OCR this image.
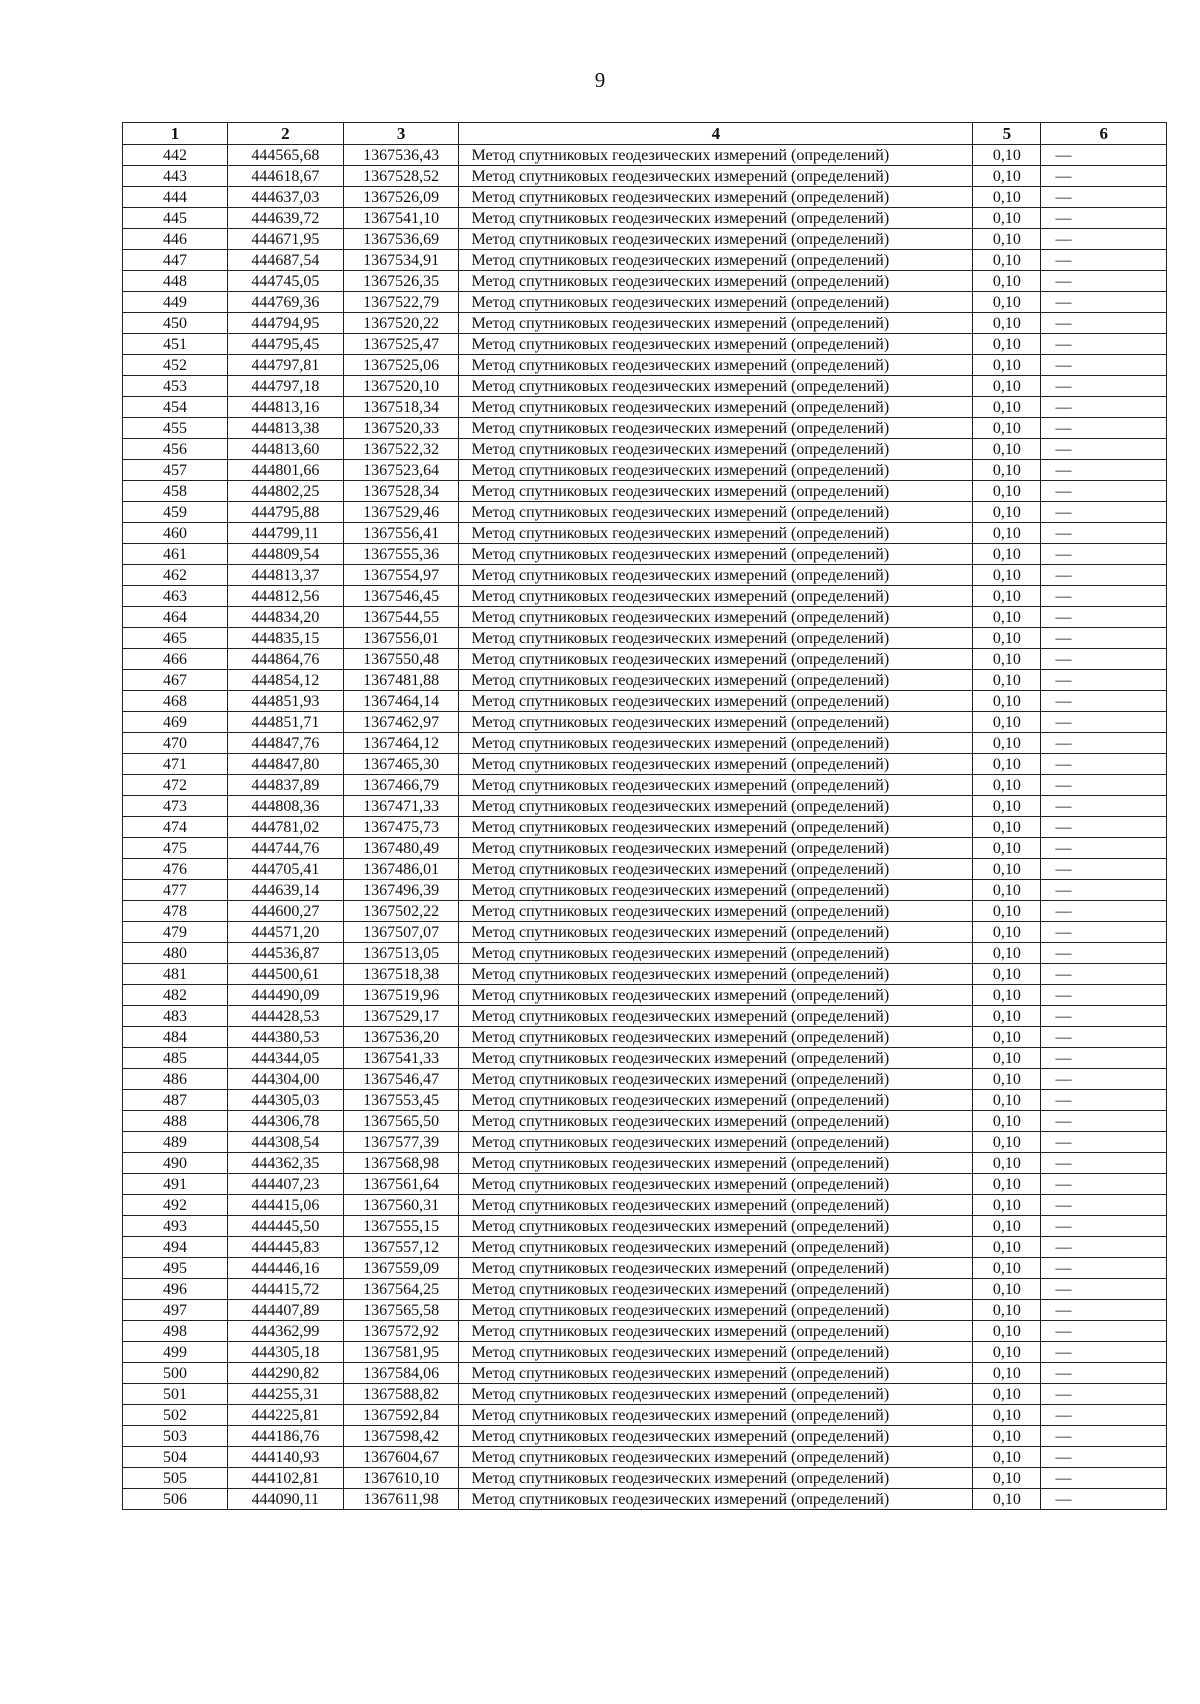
9
1	2	3	4	5	6
442	444565,68	1367536,43	Метод спутниковых геодезических измерений (определений)	0,10	—
443	444618,67	1367528,52	Метод спутниковых геодезических измерений (определений)	0,10	—
444	444637,03	1367526,09	Метод спутниковых геодезических измерений (определений)	0,10	—
445	444639,72	1367541,10	Метод спутниковых геодезических измерений (определений)	0,10	—
446	444671,95	1367536,69	Метод спутниковых геодезических измерений (определений)	0,10	—
447	444687,54	1367534,91	Метод спутниковых геодезических измерений (определений)	0,10	—
448	444745,05	1367526,35	Метод спутниковых геодезических измерений (определений)	0,10	—
449	444769,36	1367522,79	Метод спутниковых геодезических измерений (определений)	0,10	—
450	444794,95	1367520,22	Метод спутниковых геодезических измерений (определений)	0,10	—
451	444795,45	1367525,47	Метод спутниковых геодезических измерений (определений)	0,10	—
452	444797,81	1367525,06	Метод спутниковых геодезических измерений (определений)	0,10	—
453	444797,18	1367520,10	Метод спутниковых геодезических измерений (определений)	0,10	—
454	444813,16	1367518,34	Метод спутниковых геодезических измерений (определений)	0,10	—
455	444813,38	1367520,33	Метод спутниковых геодезических измерений (определений)	0,10	—
456	444813,60	1367522,32	Метод спутниковых геодезических измерений (определений)	0,10	—
457	444801,66	1367523,64	Метод спутниковых геодезических измерений (определений)	0,10	—
458	444802,25	1367528,34	Метод спутниковых геодезических измерений (определений)	0,10	—
459	444795,88	1367529,46	Метод спутниковых геодезических измерений (определений)	0,10	—
460	444799,11	1367556,41	Метод спутниковых геодезических измерений (определений)	0,10	—
461	444809,54	1367555,36	Метод спутниковых геодезических измерений (определений)	0,10	—
462	444813,37	1367554,97	Метод спутниковых геодезических измерений (определений)	0,10	—
463	444812,56	1367546,45	Метод спутниковых геодезических измерений (определений)	0,10	—
464	444834,20	1367544,55	Метод спутниковых геодезических измерений (определений)	0,10	—
465	444835,15	1367556,01	Метод спутниковых геодезических измерений (определений)	0,10	—
466	444864,76	1367550,48	Метод спутниковых геодезических измерений (определений)	0,10	—
467	444854,12	1367481,88	Метод спутниковых геодезических измерений (определений)	0,10	—
468	444851,93	1367464,14	Метод спутниковых геодезических измерений (определений)	0,10	—
469	444851,71	1367462,97	Метод спутниковых геодезических измерений (определений)	0,10	—
470	444847,76	1367464,12	Метод спутниковых геодезических измерений (определений)	0,10	—
471	444847,80	1367465,30	Метод спутниковых геодезических измерений (определений)	0,10	—
472	444837,89	1367466,79	Метод спутниковых геодезических измерений (определений)	0,10	—
473	444808,36	1367471,33	Метод спутниковых геодезических измерений (определений)	0,10	—
474	444781,02	1367475,73	Метод спутниковых геодезических измерений (определений)	0,10	—
475	444744,76	1367480,49	Метод спутниковых геодезических измерений (определений)	0,10	—
476	444705,41	1367486,01	Метод спутниковых геодезических измерений (определений)	0,10	—
477	444639,14	1367496,39	Метод спутниковых геодезических измерений (определений)	0,10	—
478	444600,27	1367502,22	Метод спутниковых геодезических измерений (определений)	0,10	—
479	444571,20	1367507,07	Метод спутниковых геодезических измерений (определений)	0,10	—
480	444536,87	1367513,05	Метод спутниковых геодезических измерений (определений)	0,10	—
481	444500,61	1367518,38	Метод спутниковых геодезических измерений (определений)	0,10	—
482	444490,09	1367519,96	Метод спутниковых геодезических измерений (определений)	0,10	—
483	444428,53	1367529,17	Метод спутниковых геодезических измерений (определений)	0,10	—
484	444380,53	1367536,20	Метод спутниковых геодезических измерений (определений)	0,10	—
485	444344,05	1367541,33	Метод спутниковых геодезических измерений (определений)	0,10	—
486	444304,00	1367546,47	Метод спутниковых геодезических измерений (определений)	0,10	—
487	444305,03	1367553,45	Метод спутниковых геодезических измерений (определений)	0,10	—
488	444306,78	1367565,50	Метод спутниковых геодезических измерений (определений)	0,10	—
489	444308,54	1367577,39	Метод спутниковых геодезических измерений (определений)	0,10	—
490	444362,35	1367568,98	Метод спутниковых геодезических измерений (определений)	0,10	—
491	444407,23	1367561,64	Метод спутниковых геодезических измерений (определений)	0,10	—
492	444415,06	1367560,31	Метод спутниковых геодезических измерений (определений)	0,10	—
493	444445,50	1367555,15	Метод спутниковых геодезических измерений (определений)	0,10	—
494	444445,83	1367557,12	Метод спутниковых геодезических измерений (определений)	0,10	—
495	444446,16	1367559,09	Метод спутниковых геодезических измерений (определений)	0,10	—
496	444415,72	1367564,25	Метод спутниковых геодезических измерений (определений)	0,10	—
497	444407,89	1367565,58	Метод спутниковых геодезических измерений (определений)	0,10	—
498	444362,99	1367572,92	Метод спутниковых геодезических измерений (определений)	0,10	—
499	444305,18	1367581,95	Метод спутниковых геодезических измерений (определений)	0,10	—
500	444290,82	1367584,06	Метод спутниковых геодезических измерений (определений)	0,10	—
501	444255,31	1367588,82	Метод спутниковых геодезических измерений (определений)	0,10	—
502	444225,81	1367592,84	Метод спутниковых геодезических измерений (определений)	0,10	—
503	444186,76	1367598,42	Метод спутниковых геодезических измерений (определений)	0,10	—
504	444140,93	1367604,67	Метод спутниковых геодезических измерений (определений)	0,10	—
505	444102,81	1367610,10	Метод спутниковых геодезических измерений (определений)	0,10	—
506	444090,11	1367611,98	Метод спутниковых геодезических измерений (определений)	0,10	—
